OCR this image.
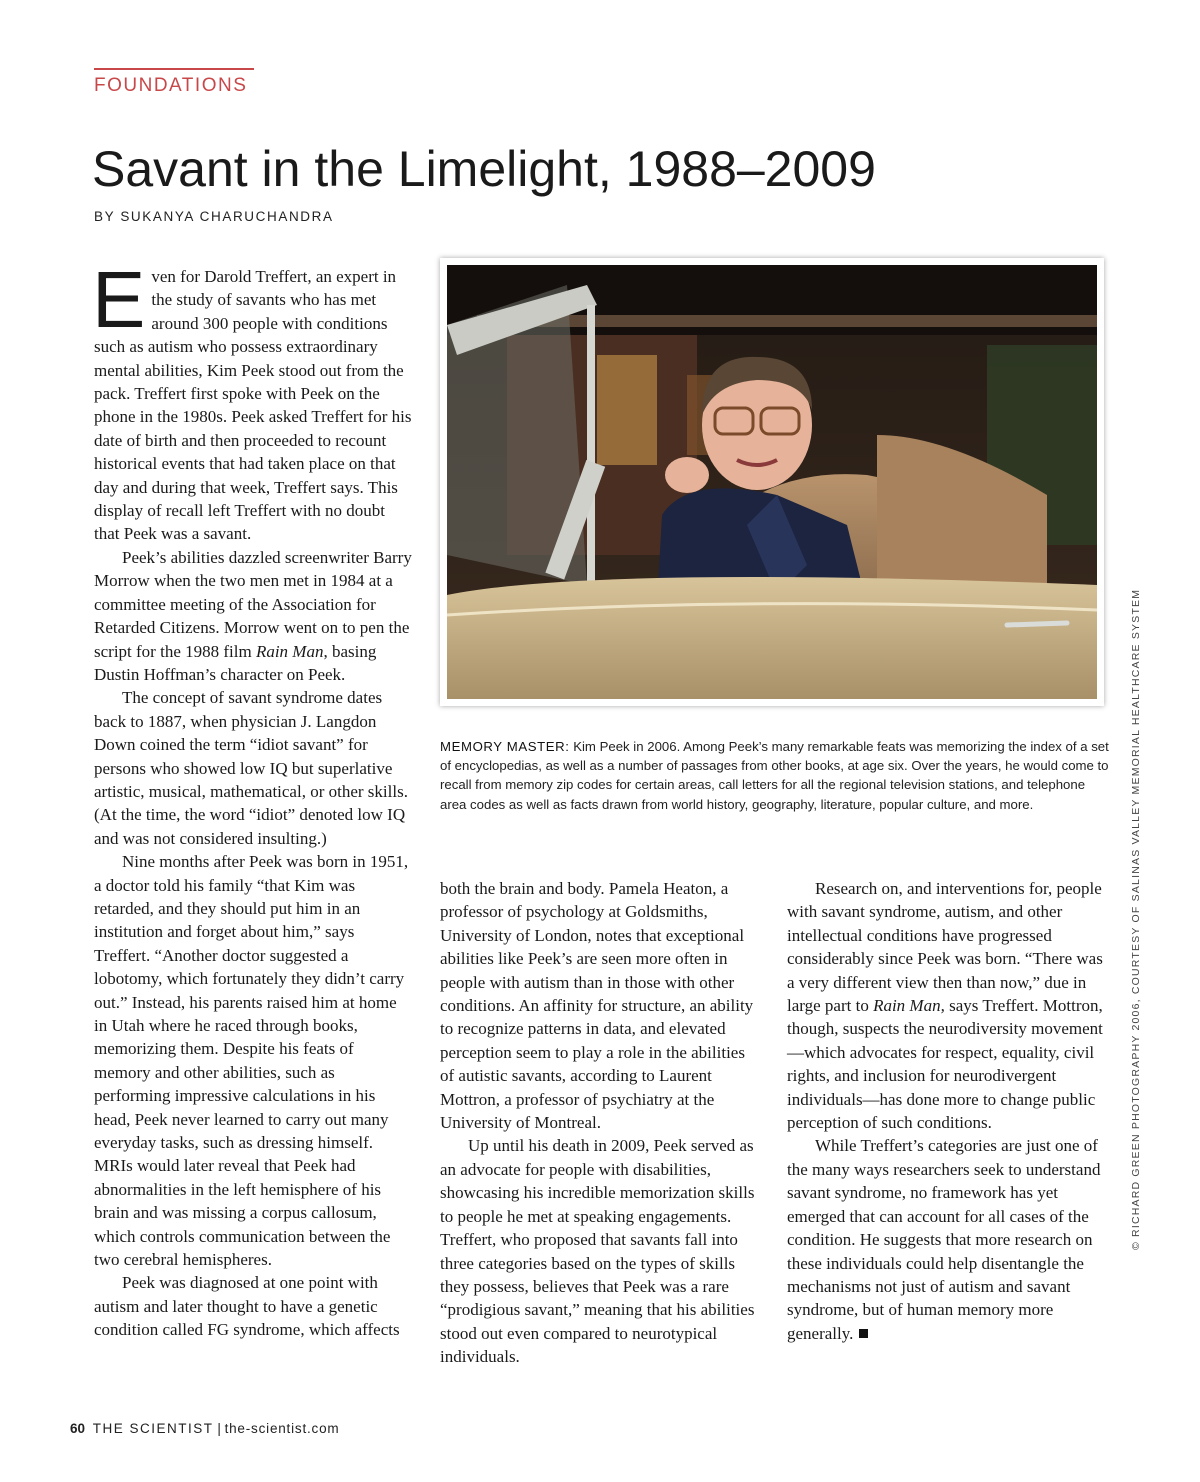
FOUNDATIONS
Savant in the Limelight, 1988–2009
BY SUKANYA CHARUCHANDRA

Even for Darold Treffert, an expert in the study of savants who has met around 300 people with conditions such as autism who possess extraordinary mental abilities, Kim Peek stood out from the pack. Treffert first spoke with Peek on the phone in the 1980s. Peek asked Treffert for his date of birth and then proceeded to recount historical events that had taken place on that day and during that week, Treffert says. This display of recall left Treffert with no doubt that Peek was a savant.

Peek’s abilities dazzled screenwriter Barry Morrow when the two men met in 1984 at a committee meeting of the Association for Retarded Citizens. Morrow went on to pen the script for the 1988 film Rain Man, basing Dustin Hoffman’s character on Peek.

The concept of savant syndrome dates back to 1887, when physician J. Langdon Down coined the term “idiot savant” for persons who showed low IQ but superlative artistic, musical, mathematical, or other skills. (At the time, the word “idiot” denoted low IQ and was not considered insulting.)

Nine months after Peek was born in 1951, a doctor told his family “that Kim was retarded, and they should put him in an institution and forget about him,” says Treffert. “Another doctor suggested a lobotomy, which fortunately they didn’t carry out.” Instead, his parents raised him at home in Utah where he raced through books, memorizing them. Despite his feats of memory and other abilities, such as performing impressive calculations in his head, Peek never learned to carry out many everyday tasks, such as dressing himself. MRIs would later reveal that Peek had abnormalities in the left hemisphere of his brain and was missing a corpus callosum, which controls communication between the two cerebral hemispheres.

Peek was diagnosed at one point with autism and later thought to have a genetic condition called FG syndrome, which affects

MEMORY MASTER: Kim Peek in 2006. Among Peek’s many remarkable feats was memorizing the index of a set of encyclopedias, as well as a number of passages from other books, at age six. Over the years, he would come to recall from memory zip codes for certain areas, call letters for all the regional television stations, and telephone area codes as well as facts drawn from world history, geography, literature, popular culture, and more.

both the brain and body. Pamela Heaton, a professor of psychology at Goldsmiths, University of London, notes that exceptional abilities like Peek’s are seen more often in people with autism than in those with other conditions. An affinity for structure, an ability to recognize patterns in data, and elevated perception seem to play a role in the abilities of autistic savants, according to Laurent Mottron, a professor of psychiatry at the University of Montreal.

Up until his death in 2009, Peek served as an advocate for people with disabilities, showcasing his incredible memorization skills to people he met at speaking engagements. Treffert, who proposed that savants fall into three categories based on the types of skills they possess, believes that Peek was a rare “prodigious savant,” meaning that his abilities stood out even compared to neurotypical individuals.

Research on, and interventions for, people with savant syndrome, autism, and other intellectual conditions have progressed considerably since Peek was born. “There was a very different view then than now,” due in large part to Rain Man, says Treffert. Mottron, though, suspects the neurodiversity movement—which advocates for respect, equality, civil rights, and inclusion for neurodivergent individuals—has done more to change public perception of such conditions.

While Treffert’s categories are just one of the many ways researchers seek to understand savant syndrome, no framework has yet emerged that can account for all cases of the condition. He suggests that more research on these individuals could help disentangle the mechanisms not just of autism and savant syndrome, but of human memory more generally.

© RICHARD GREEN PHOTOGRAPHY 2006, COURTESY OF SALINAS VALLEY MEMORIAL HEALTHCARE SYSTEM
60 THE SCIENTIST | the-scientist.com
